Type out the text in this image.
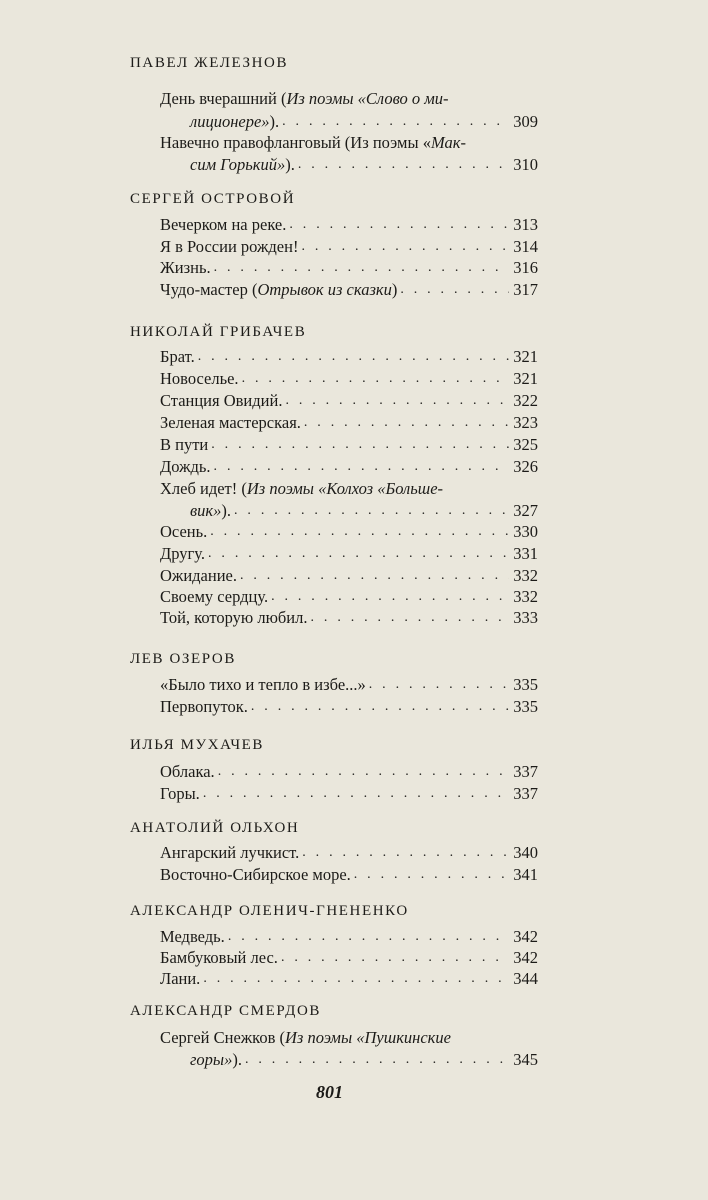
ПАВЕЛ ЖЕЛЕЗНОВ
День вчерашний (Из поэмы «Слово о ми-
лиционере»). . . .	309
Навечно правофланговый (Из поэмы «Мак-
сим Горький»). . . .	310
СЕРГЕЙ ОСТРОВОЙ
Вечерком на реке. . . .	313
Я в России рожден! . . .	314
Жизнь. . . .	316
Чудо-мастер (Отрывок из сказки) . . .	317
НИКОЛАЙ ГРИБАЧЕВ
Брат. . . .	321
Новоселье. . . .	321
Станция Овидий. . . .	322
Зеленая мастерская. . . .	323
В пути . . .	325
Дождь. . . .	326
Хлеб идет! (Из поэмы «Колхоз «Больше-
вик»). . . .	327
Осень. . . .	330
Другу. . . .	331
Ожидание. . . .	332
Своему сердцу. . . .	332
Той, которую любил. . . .	333
ЛЕВ ОЗЕРОВ
«Было тихо и тепло в избе...» . . .	335
Первопуток. . . .	335
ИЛЬЯ МУХАЧЕВ
Облака. . . .	337
Горы. . . .	337
АНАТОЛИЙ ОЛЬХОН
Ангарский лучкист. . . .	340
Восточно-Сибирское море. . . .	341
АЛЕКСАНДР ОЛЕНИЧ-ГНЕНЕНКО
Медведь. . . .	342
Бамбуковый лес. . . .	342
Лани. . . .	344
АЛЕКСАНДР СМЕРДОВ
Сергей Снежков (Из поэмы «Пушкинские
горы»). . . .	345
801
